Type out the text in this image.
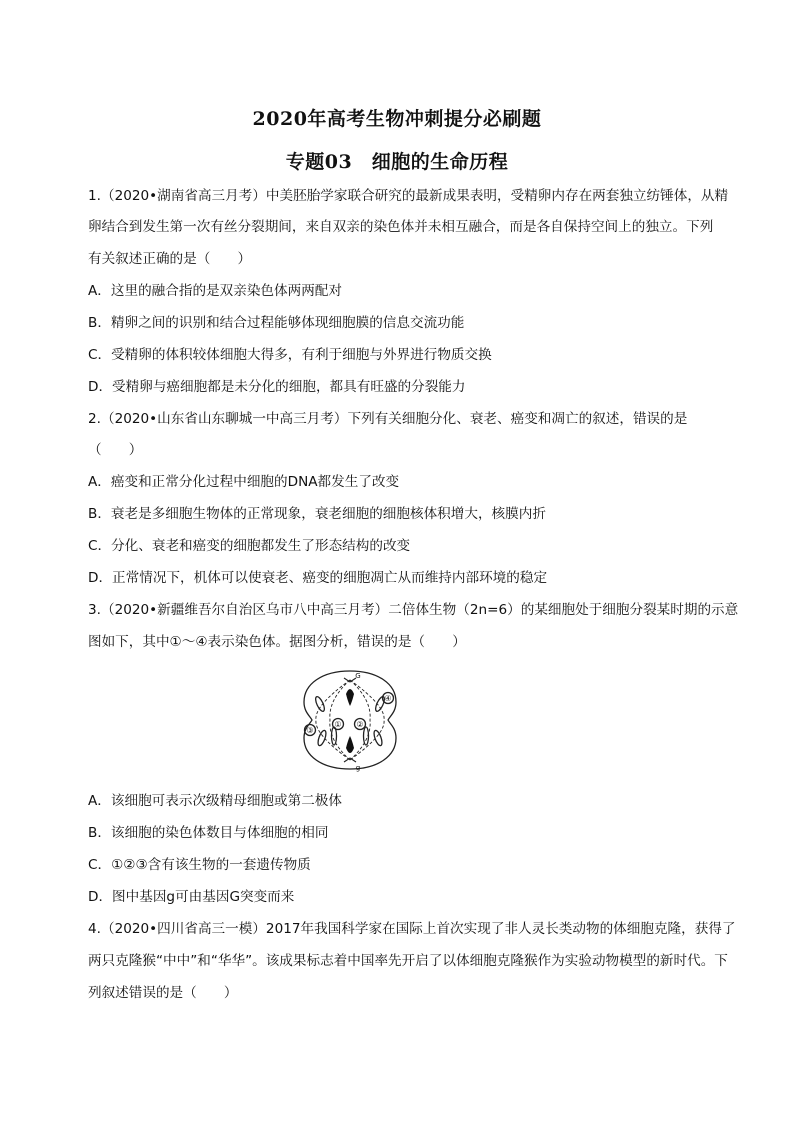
2020年高考生物冲刺提分必刷题
专题03　细胞的生命历程
1.（2020•湖南省高三月考）中美胚胎学家联合研究的最新成果表明，受精卵内存在两套独立纺锤体，从精
卵结合到发生第一次有丝分裂期间，来自双亲的染色体并未相互融合，而是各自保持空间上的独立。下列
有关叙述正确的是（　　）
A．这里的融合指的是双亲染色体两两配对
B．精卵之间的识别和结合过程能够体现细胞膜的信息交流功能
C．受精卵的体积较体细胞大得多，有利于细胞与外界进行物质交换
D．受精卵与癌细胞都是未分化的细胞，都具有旺盛的分裂能力
2.（2020•山东省山东聊城一中高三月考）下列有关细胞分化、衰老、癌变和凋亡的叙述，错误的是
（　　）
A．癌变和正常分化过程中细胞的DNA都发生了改变
B．衰老是多细胞生物体的正常现象，衰老细胞的细胞核体积增大，核膜内折
C．分化、衰老和癌变的细胞都发生了形态结构的改变
D．正常情况下，机体可以使衰老、癌变的细胞凋亡从而维持内部环境的稳定
3.（2020•新疆维吾尔自治区乌市八中高三月考）二倍体生物（2n=6）的某细胞处于细胞分裂某时期的示意
图如下，其中①～④表示染色体。据图分析，错误的是（　　）
① ②
③
④
G
g
A．该细胞可表示次级精母细胞或第二极体
B．该细胞的染色体数目与体细胞的相同
C．①②③含有该生物的一套遗传物质
D．图中基因g可由基因G突变而来
4.（2020•四川省高三一模）2017年我国科学家在国际上首次实现了非人灵长类动物的体细胞克隆，获得了
两只克隆猴“中中”和“华华”。该成果标志着中国率先开启了以体细胞克隆猴作为实验动物模型的新时代。下
列叙述错误的是（　　）
